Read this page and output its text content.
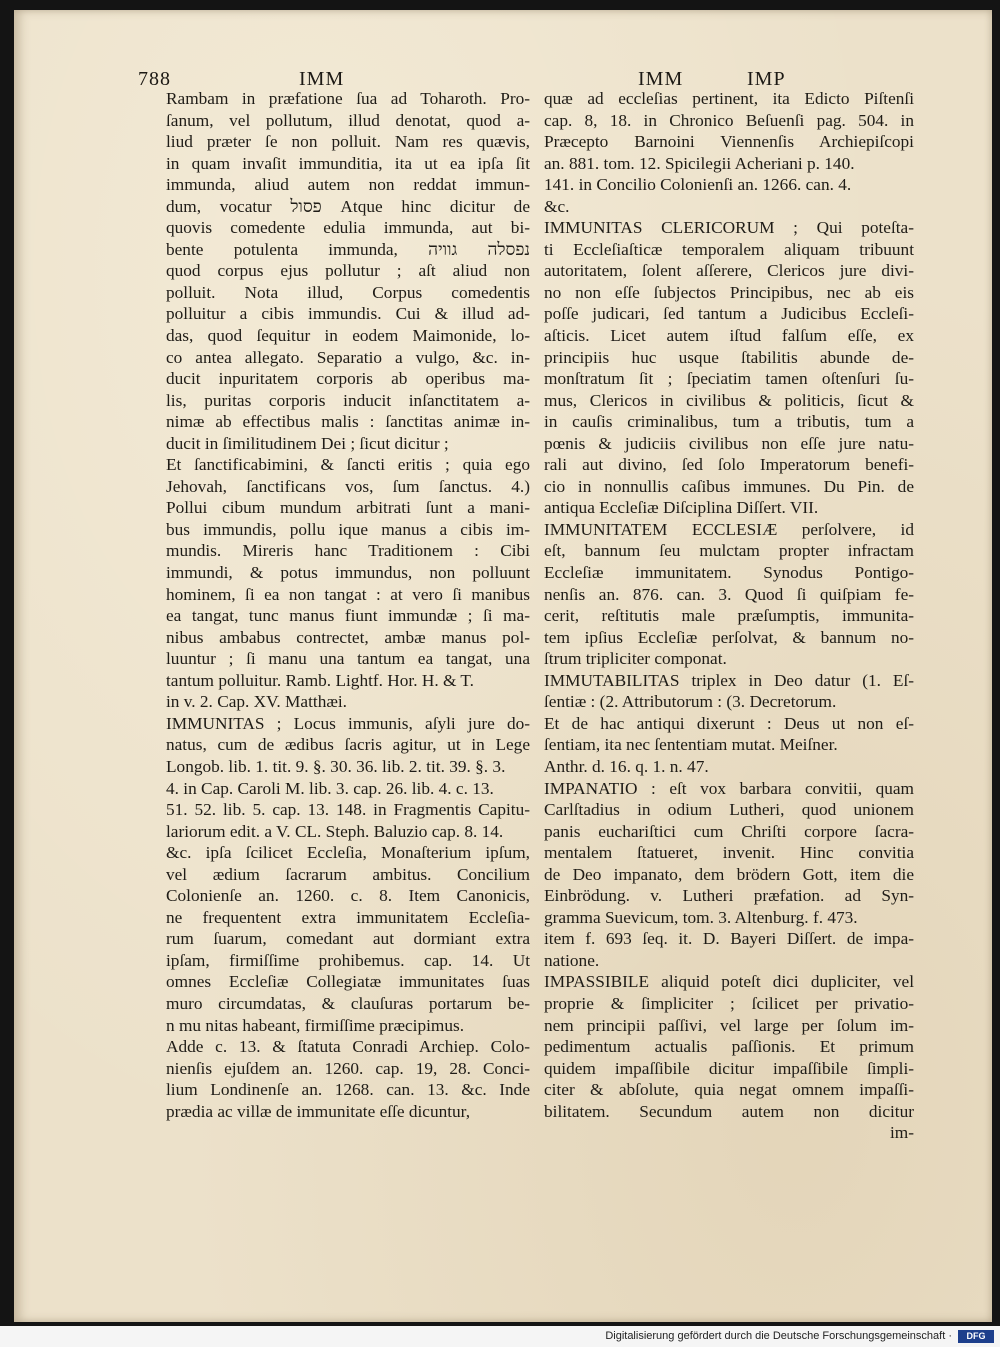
788	IMM	IMM	IMP
Rambam in præfatione ſua ad Toharoth. Pro-
ſanum, vel pollutum, illud denotat, quod a-
liud præter ſe non polluit. Nam res quævis,
in quam invaſit immunditia, ita ut ea ipſa ſit
immunda, aliud autem non reddat immun-
dum, vocatur פסול Atque hinc dicitur de
quovis comedente edulia immunda, aut bi-
bente potulenta immunda, נפסלה גוויה
quod corpus ejus pollutur ; aſt aliud non
polluit. Nota illud, Corpus comedentis
polluitur a cibis immundis. Cui & illud ad-
das, quod ſequitur in eodem Maimonide, lo-
co antea allegato. Separatio a vulgo, &c. in-
ducit inpuritatem corporis ab operibus ma-
lis, puritas corporis inducit inſanctitatem a-
nimæ ab effectibus malis : ſanctitas animæ in-
ducit in ſimilitudinem Dei ; ſicut dicitur ;
Et ſanctificabimini, & ſancti eritis ; quia ego
Jehovah, ſanctificans vos, ſum ſanctus. 4.)
Pollui cibum mundum arbitrati ſunt a mani-
bus immundis, pollu ique manus a cibis im-
mundis. Mireris hanc Traditionem : Cibi
immundi, & potus immundus, non polluunt
hominem, ſi ea non tangat : at vero ſi manibus
ea tangat, tunc manus fiunt immundæ ; ſi ma-
nibus ambabus contrectet, ambæ manus pol-
luuntur ; ſi manu una tantum ea tangat, una
tantum polluitur. Ramb. Lightf. Hor. H. & T.
in v. 2. Cap. XV. Matthæi.
IMMUNITAS ; Locus immunis, aſyli jure do-
natus, cum de ædibus ſacris agitur, ut in Lege
Longob. lib. 1. tit. 9. §. 30. 36. lib. 2. tit. 39. §. 3.
4. in Cap. Caroli M. lib. 3. cap. 26. lib. 4. c. 13.
51. 52. lib. 5. cap. 13. 148. in Fragmentis Capitu-
lariorum edit. a V. CL. Steph. Baluzio cap. 8. 14.
&c. ipſa ſcilicet Eccleſia, Monaſterium ipſum,
vel ædium ſacrarum ambitus. Concilium
Colonienſe an. 1260. c. 8. Item Canonicis,
ne frequentent extra immunitatem Eccleſia-
rum ſuarum, comedant aut dormiant extra
ipſam, firmiſſime prohibemus. cap. 14. Ut
omnes Eccleſiæ Collegiatæ immunitates ſuas
muro circumdatas, & clauſuras portarum be-
n mu nitas habeant, firmiſſime præcipimus.
Adde c. 13. & ſtatuta Conradi Archiep. Colo-
nienſis ejuſdem an. 1260. cap. 19, 28. Conci-
lium Londinenſe an. 1268. can. 13. &c. Inde
prædia ac villæ de immunitate eſſe dicuntur,
quæ ad eccleſias pertinent, ita Edicto Piſtenſi
cap. 8, 18. in Chronico Beſuenſi pag. 504. in
Præcepto Barnoini Viennenſis Archiepiſcopi
an. 881. tom. 12. Spicilegii Acheriani p. 140.
141. in Concilio Colonienſi an. 1266. can. 4.
&c.
IMMUNITAS CLERICORUM ; Qui poteſta-
ti Eccleſiaſticæ temporalem aliquam tribuunt
autoritatem, ſolent aſſerere, Clericos jure divi-
no non eſſe ſubjectos Principibus, nec ab eis
poſſe judicari, ſed tantum a Judicibus Eccleſi-
aſticis. Licet autem iſtud falſum eſſe, ex
principiis huc usque ſtabilitis abunde de-
monſtratum ſit ; ſpeciatim tamen oſtenſuri ſu-
mus, Clericos in civilibus & politicis, ſicut &
in cauſis criminalibus, tum a tributis, tum a
pœnis & judiciis civilibus non eſſe jure natu-
rali aut divino, ſed ſolo Imperatorum benefi-
cio in nonnullis caſibus immunes. Du Pin. de
antiqua Eccleſiæ Diſciplina Diſſert. VII.
IMMUNITATEM ECCLESIÆ perſolvere, id
eſt, bannum ſeu mulctam propter infractam
Eccleſiæ immunitatem. Synodus Pontigo-
nenſis an. 876. can. 3. Quod ſi quiſpiam fe-
cerit, reſtitutis male præſumptis, immunita-
tem ipſius Eccleſiæ perſolvat, & bannum no-
ſtrum tripliciter componat.
IMMUTABILITAS triplex in Deo datur (1. Eſ-
ſentiæ : (2. Attributorum : (3. Decretorum.
Et de hac antiqui dixerunt : Deus ut non eſ-
ſentiam, ita nec ſententiam mutat. Meiſner.
Anthr. d. 16. q. 1. n. 47.
IMPANATIO : eſt vox barbara convitii, quam
Carlſtadius in odium Lutheri, quod unionem
panis euchariſtici cum Chriſti corpore ſacra-
mentalem ſtatueret, invenit. Hinc convitia
de Deo impanato, dem brödern Gott, item die
Einbrödung. v. Lutheri præfation. ad Syn-
gramma Suevicum, tom. 3. Altenburg. f. 473.
item f. 693 ſeq. it. D. Bayeri Diſſert. de impa-
natione.
IMPASSIBILE aliquid poteſt dici dupliciter, vel
proprie & ſimpliciter ; ſcilicet per privatio-
nem principii paſſivi, vel large per ſolum im-
pedimentum actualis paſſionis. Et primum
quidem impaſſibile dicitur impaſſibile ſimpli-
citer & abſolute, quia negat omnem impaſſi-
bilitatem. Secundum autem non dicitur
im-
Digitalisierung gefördert durch die Deutsche Forschungsgemeinschaft ·	DFG
